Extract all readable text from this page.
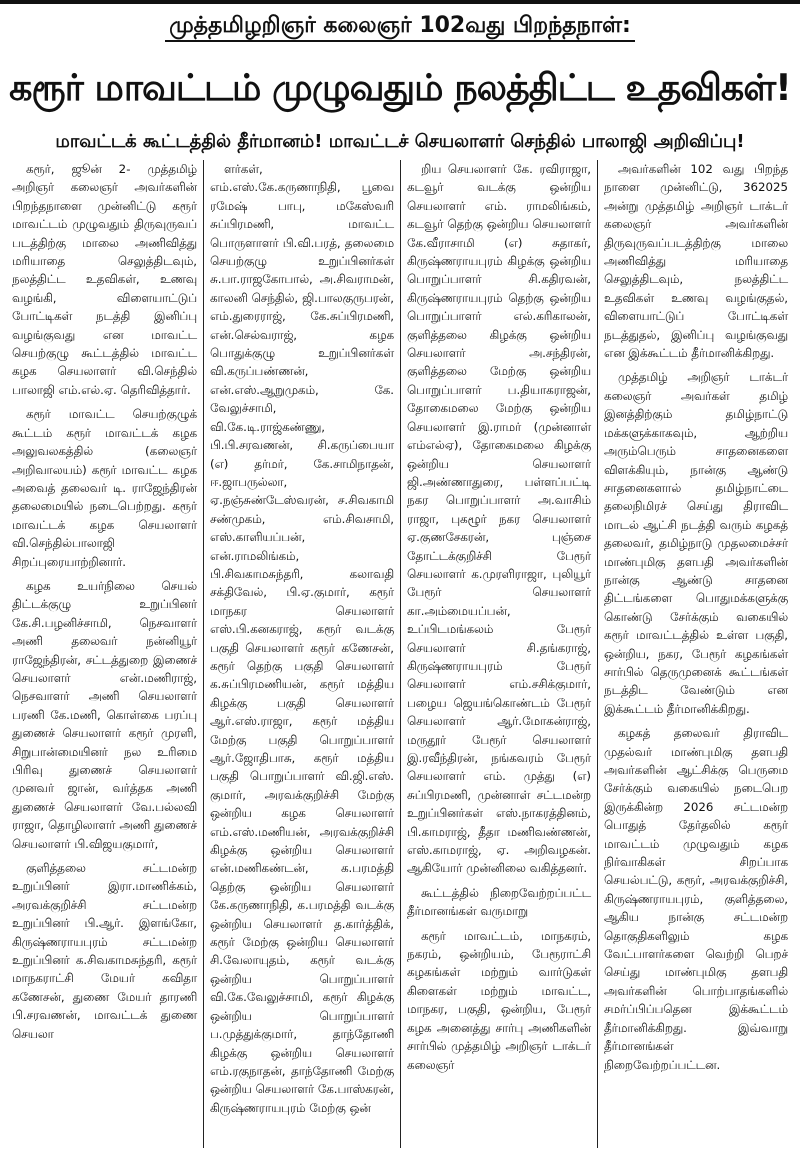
முத்தமிழறிஞர் கலைஞர் 102வது பிறந்தநாள்:
கரூர் மாவட்டம் முழுவதும் நலத்திட்ட உதவிகள்!
மாவட்டக் கூட்டத்தில் தீர்மானம்! மாவட்டச் செயலாளர் செந்தில் பாலாஜி அறிவிப்பு!

கரூர், ஜூன் 2- முத்தமிழ் அறிஞர் கலைஞர் அவர்களின் பிறந்தநாளை முன்னிட்டு கரூர் மாவட்டம் முழுவதும் திருவுருவப் படத்திற்கு மாலை அணிவித்து மரியாதை செலுத்திடவும், நலத்திட்ட உதவிகள், உணவு வழங்கி, விளையாட்டுப் போட்டிகள் நடத்தி இனிப்பு வழங்குவது என மாவட்ட செயற்குழு கூட்டத்தில் மாவட்ட கழக செயலாளர் வி.செந்தில் பாலாஜி எம்.எல்.ஏ. தெரிவித்தார்.

கரூர் மாவட்ட செயற்குழுக் கூட்டம் கரூர் மாவட்டக் கழக அலுவலகத்தில் (கலைஞர் அறிவாலயம்) கரூர் மாவட்ட கழக அவைத் தலைவர் டி. ராஜேந்திரன் தலைமையில் நடைபெற்றது. கரூர் மாவட்டக் கழக செயலாளர் வி.செந்தில்பாலாஜி சிறப்புரையாற்றினார்.

கழக உயர்நிலை செயல் திட்டக்குழு உறுப்பினர் கே.சி.பழனிச்சாமி, நெசவாளர் அணி தலைவர் நன்னியூர் ராஜேந்திரன், சட்டத்துறை இணைச் செயலாளர் என்.மணிராஜ், நெசவாளர் அணி செயலாளர் பரணி கே.மணி, கொள்கை பரப்பு துணைச் செயலாளர் கரூர் முரளி, சிறுபான்மையினர் நல உரிமை பிரிவு துணைச் செயலாளர் முனவர் ஜான், வர்த்தக அணி துணைச் செயலாளர் வே.பல்லவி ராஜா, தொழிலாளர் அணி துணைச் செயலாளர் பி.விஜயகுமார்,

குளித்தலை சட்டமன்ற உறுப்பினர் இரா.மாணிக்கம், அரவக்குறிச்சி சட்டமன்ற உறுப்பினர் பி.ஆர். இளங்கோ, கிருஷ்ணராயபுரம் சட்டமன்ற உறுப்பினர் க.சிவகாமசுந்தரி, கரூர் மாநகராட்சி மேயர் கவிதா கணேசன், துணை மேயர் தாரணி பி.சரவணன், மாவட்டக் துணை செயலா

ளர்கள், எம்.எஸ்.கே.கருணாநிதி, பூவை ரமேஷ் பாபு, மகேஸ்வரி சுப்பிரமணி, மாவட்ட பொருளாளர் பி.வி.பரத், தலைமை செயற்குழு உறுப்பினர்கள் சு.பா.ராஜகோபால், அ.சிவராமன், காலனி செந்தில், ஜி.பாலகுருபரன், எம்.துரைராஜ், கே.சுப்பிரமணி, என்.செல்வராஜ், கழக பொதுக்குழு உறுப்பினர்கள் வி.கருப்பண்ணன், என்.எஸ்.ஆறுமுகம், கே. வேலுச்சாமி, வி.கே.டி.ராஜ்கண்ணு, பி.பி.சரவணன், சி.கருப்பையா (எ) தர்மர், கே.சாமிநாதன், ஈ.ஜாபருல்லா, ஏ.நஞ்சுண்டேஸ்வரன், ச.சிவகாமி சண்முகம், எம்.சிவசாமி, எஸ்.காளியப்பன், என்.ராமலிங்கம், பி.சிவகாமசுந்தரி, கலாவதி சக்திவேல், பி.ஏ.குமார், கரூர் மாநகர செயலாளர் எஸ்.பி.கனகராஜ், கரூர் வடக்கு பகுதி செயலாளர் கரூர் கணேசன், கரூர் தெற்கு பகுதி செயலாளர் க.சுப்பிரமணியன், கரூர் மத்திய கிழக்கு பகுதி செயலாளர் ஆர்.எஸ்.ராஜா, கரூர் மத்திய மேற்கு பகுதி பொறுப்பாளர் ஆர்.ஜோதிபாசு, கரூர் மத்திய பகுதி பொறுப்பாளர் வி.ஜி.எஸ். குமார், அரவக்குறிச்சி மேற்கு ஒன்றிய கழக செயலாளர் எம்.எஸ்.மணியன், அரவக்குறிச்சி கிழக்கு ஒன்றிய செயலாளர் என்.மணிகண்டன், க.பரமத்தி தெற்கு ஒன்றிய செயலாளர் கே.கருணாநிதி, க.பரமத்தி வடக்கு ஒன்றிய செயலாளர் த.கார்த்திக், கரூர் மேற்கு ஒன்றிய செயலாளர் சி.வேலாயுதம், கரூர் வடக்கு ஒன்றிய பொறுப்பாளர் வி.கே.வேலுச்சாமி, கரூர் கிழக்கு ஒன்றிய பொறுப்பாளர் ப.முத்துக்குமார், தாந்தோணி கிழக்கு ஒன்றிய செயலாளர் எம்.ரகுநாதன், தாந்தோணி மேற்கு ஒன்றிய செயலாளர் கே.பாஸ்கரன், கிருஷ்ணராயபுரம் மேற்கு ஒன்

றிய செயலாளர் கே. ரவிராஜா, கடவூர் வடக்கு ஒன்றிய செயலாளர் எம். ராமலிங்கம், கடவூர் தெற்கு ஒன்றிய செயலாளர் கே.வீராசாமி (எ) சுதாகர், கிருஷ்ணராயபுரம் கிழக்கு ஒன்றிய பொறுப்பாளர் சி.கதிரவன், கிருஷ்ணராயபுரம் தெற்கு ஒன்றிய பொறுப்பாளர் எல்.கரிகாலன், குளித்தலை கிழக்கு ஒன்றிய செயலாளர் அ.சந்திரன், குளித்தலை மேற்கு ஒன்றிய பொறுப்பாளர் ப.தியாகராஜன், தோகைமலை மேற்கு ஒன்றிய செயலாளர் இ.ராமர் (முன்னாள் எம்எல்ஏ), தோகைமலை கிழக்கு ஒன்றிய செயலாளர் ஜி.அண்ணாதுரை, பள்ளப்பட்டி நகர பொறுப்பாளர் அ.வாசிம் ராஜா, புகழூர் நகர செயலாளர் ஏ.குணசேகரன், புஞ்சை தோட்டக்குறிச்சி பேரூர் செயலாளர் க.முரளிராஜா, புலியூர் பேரூர் செயலாளர் கா.அம்மையப்பன், உப்பிடமங்கலம் பேரூர் செயலாளர் சி.தங்கராஜ், கிருஷ்ணராயபுரம் பேரூர் செயலாளர் எம்.சசிக்குமார், பழைய ஜெயங்கொண்டம் பேரூர் செயலாளர் ஆர்.மோகன்ராஜ், மருதூர் பேரூர் செயலாளர் இ.ரவீந்திரன், நங்கவரம் பேரூர் செயலாளர் எம். முத்து (எ) சுப்பிரமணி, முன்னாள் சட்டமன்ற உறுப்பினர்கள் எஸ்.நாகரத்தினம், பி.காமராஜ், தீதா மணிவண்ணன், எஸ்.காமராஜ், ஏ. அறிவழகன். ஆகியோர் முன்னிலை வகித்தனர்.

கூட்டத்தில் நிறைவேற்றப்பட்ட தீர்மானங்கள் வருமாறு

கரூர் மாவட்டம், மாநகரம், நகரம், ஒன்றியம், பேரூராட்சி கழகங்கள் மற்றும் வார்டுகள் கிளைகள் மற்றும் மாவட்ட, மாநகர, பகுதி, ஒன்றிய, பேரூர் கழக அனைத்து சார்பு அணிகளின் சார்பில் முத்தமிழ் அறிஞர் டாக்டர் கலைஞர்

அவர்களின் 102 வது பிறந்த நாளை முன்னிட்டு, 362025 அன்று முத்தமிழ் அறிஞர் டாக்டர் கலைஞர் அவர்களின் திருவுருவப்படத்திற்கு மாலை அணிவித்து மரியாதை செலுத்திடவும், நலத்திட்ட உதவிகள் உணவு வழங்குதல், விளையாட்டுப் போட்டிகள் நடத்துதல், இனிப்பு வழங்குவது என இக்கூட்டம் தீர்மானிக்கிறது.

முத்தமிழ் அறிஞர் டாக்டர் கலைஞர் அவர்கள் தமிழ் இனத்திற்கும் தமிழ்நாட்டு மக்களுக்காகவும், ஆற்றிய அரும்பெரும் சாதனைகளை விளக்கியும், நான்கு ஆண்டு சாதனைகளால் தமிழ்நாட்டை தலைநிமிரச் செய்து திராவிட மாடல் ஆட்சி நடத்தி வரும் கழகத் தலைவர், தமிழ்நாடு முதலமைச்சர் மாண்புமிகு தளபதி அவர்களின் நான்கு ஆண்டு சாதனை திட்டங்களை பொதுமக்களுக்கு கொண்டு சேர்க்கும் வகையில் கரூர் மாவட்டத்தில் உள்ள பகுதி, ஒன்றிய, நகர, பேரூர் கழகங்கள் சார்பில் தெருமுனைக் கூட்டங்கள் நடத்திட வேண்டும் என இக்கூட்டம் தீர்மானிக்கிறது.

கழகத் தலைவர் திராவிட முதல்வர் மாண்புமிகு தளபதி அவர்களின் ஆட்சிக்கு பெருமை சேர்க்கும் வகையில் நடைபெற இருக்கின்ற 2026 சட்டமன்ற பொதுத் தேர்தலில் கரூர் மாவட்டம் முழுவதும் கழக நிர்வாகிகள் சிறப்பாக செயல்பட்டு, கரூர், அரவக்குறிச்சி, கிருஷ்ணராயபுரம், குளித்தலை, ஆகிய நான்கு சட்டமன்ற தொகுதிகளிலும் கழக வேட்பாளர்களை வெற்றி பெறச் செய்து மாண்புமிகு தளபதி அவர்களின் பொற்பாதங்களில் சமர்ப்பிப்பதென இக்கூட்டம் தீர்மானிக்கிறது. இவ்வாறு தீர்மானங்கள் நிறைவேற்றப்பட்டன.
